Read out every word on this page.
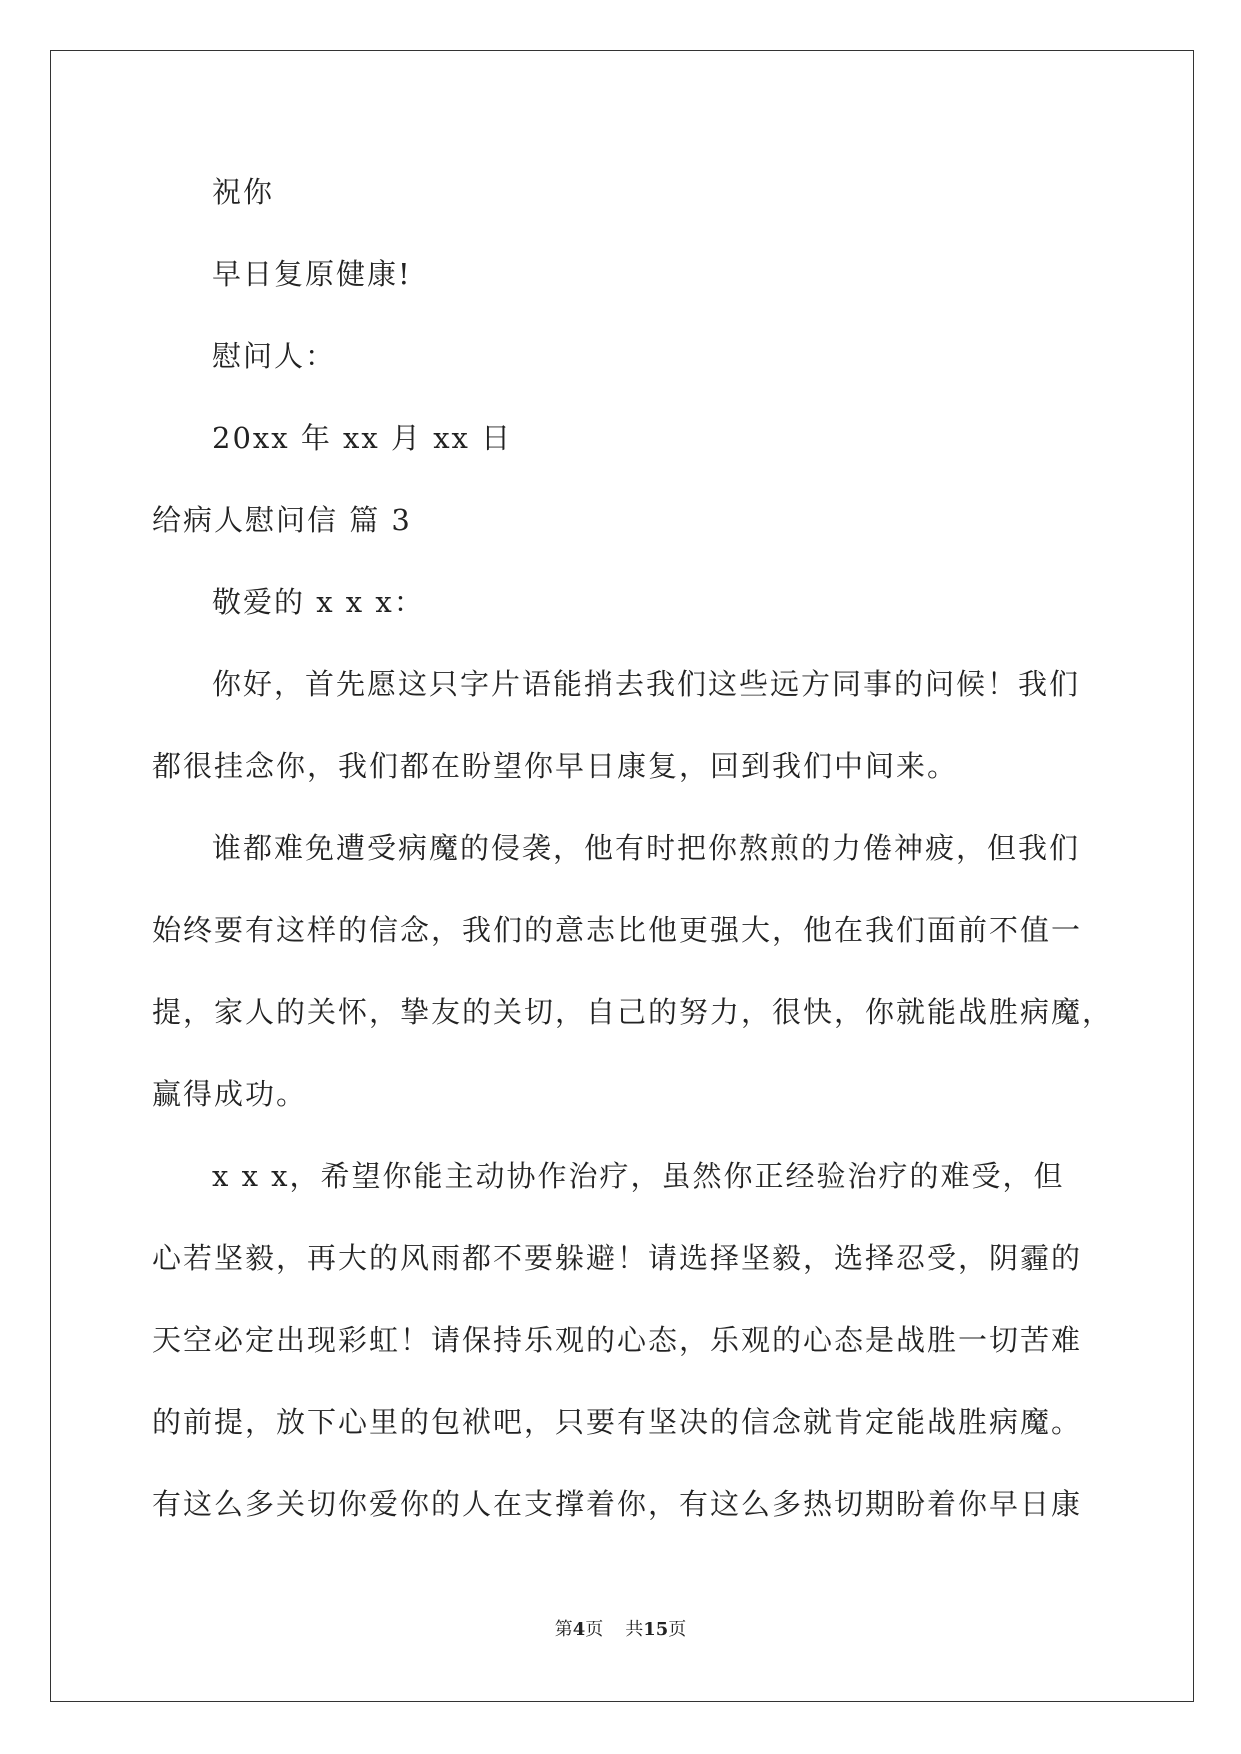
祝你
早日复原健康!
慰问人：
20xx 年 xx 月 xx 日
给病人慰问信 篇 3
敬爱的 x x x：
你好，首先愿这只字片语能捎去我们这些远方同事的问候！我们
都很挂念你，我们都在盼望你早日康复，回到我们中间来。
谁都难免遭受病魔的侵袭，他有时把你熬煎的力倦神疲，但我们
始终要有这样的信念，我们的意志比他更强大，他在我们面前不值一
提，家人的关怀，挚友的关切，自己的努力，很快，你就能战胜病魔，
赢得成功。
x x x，希望你能主动协作治疗，虽然你正经验治疗的难受，但
心若坚毅，再大的风雨都不要躲避！请选择坚毅，选择忍受，阴霾的
天空必定出现彩虹！请保持乐观的心态，乐观的心态是战胜一切苦难
的前提，放下心里的包袱吧，只要有坚决的信念就肯定能战胜病魔。
有这么多关切你爱你的人在支撑着你，有这么多热切期盼着你早日康
第4页 共15页
